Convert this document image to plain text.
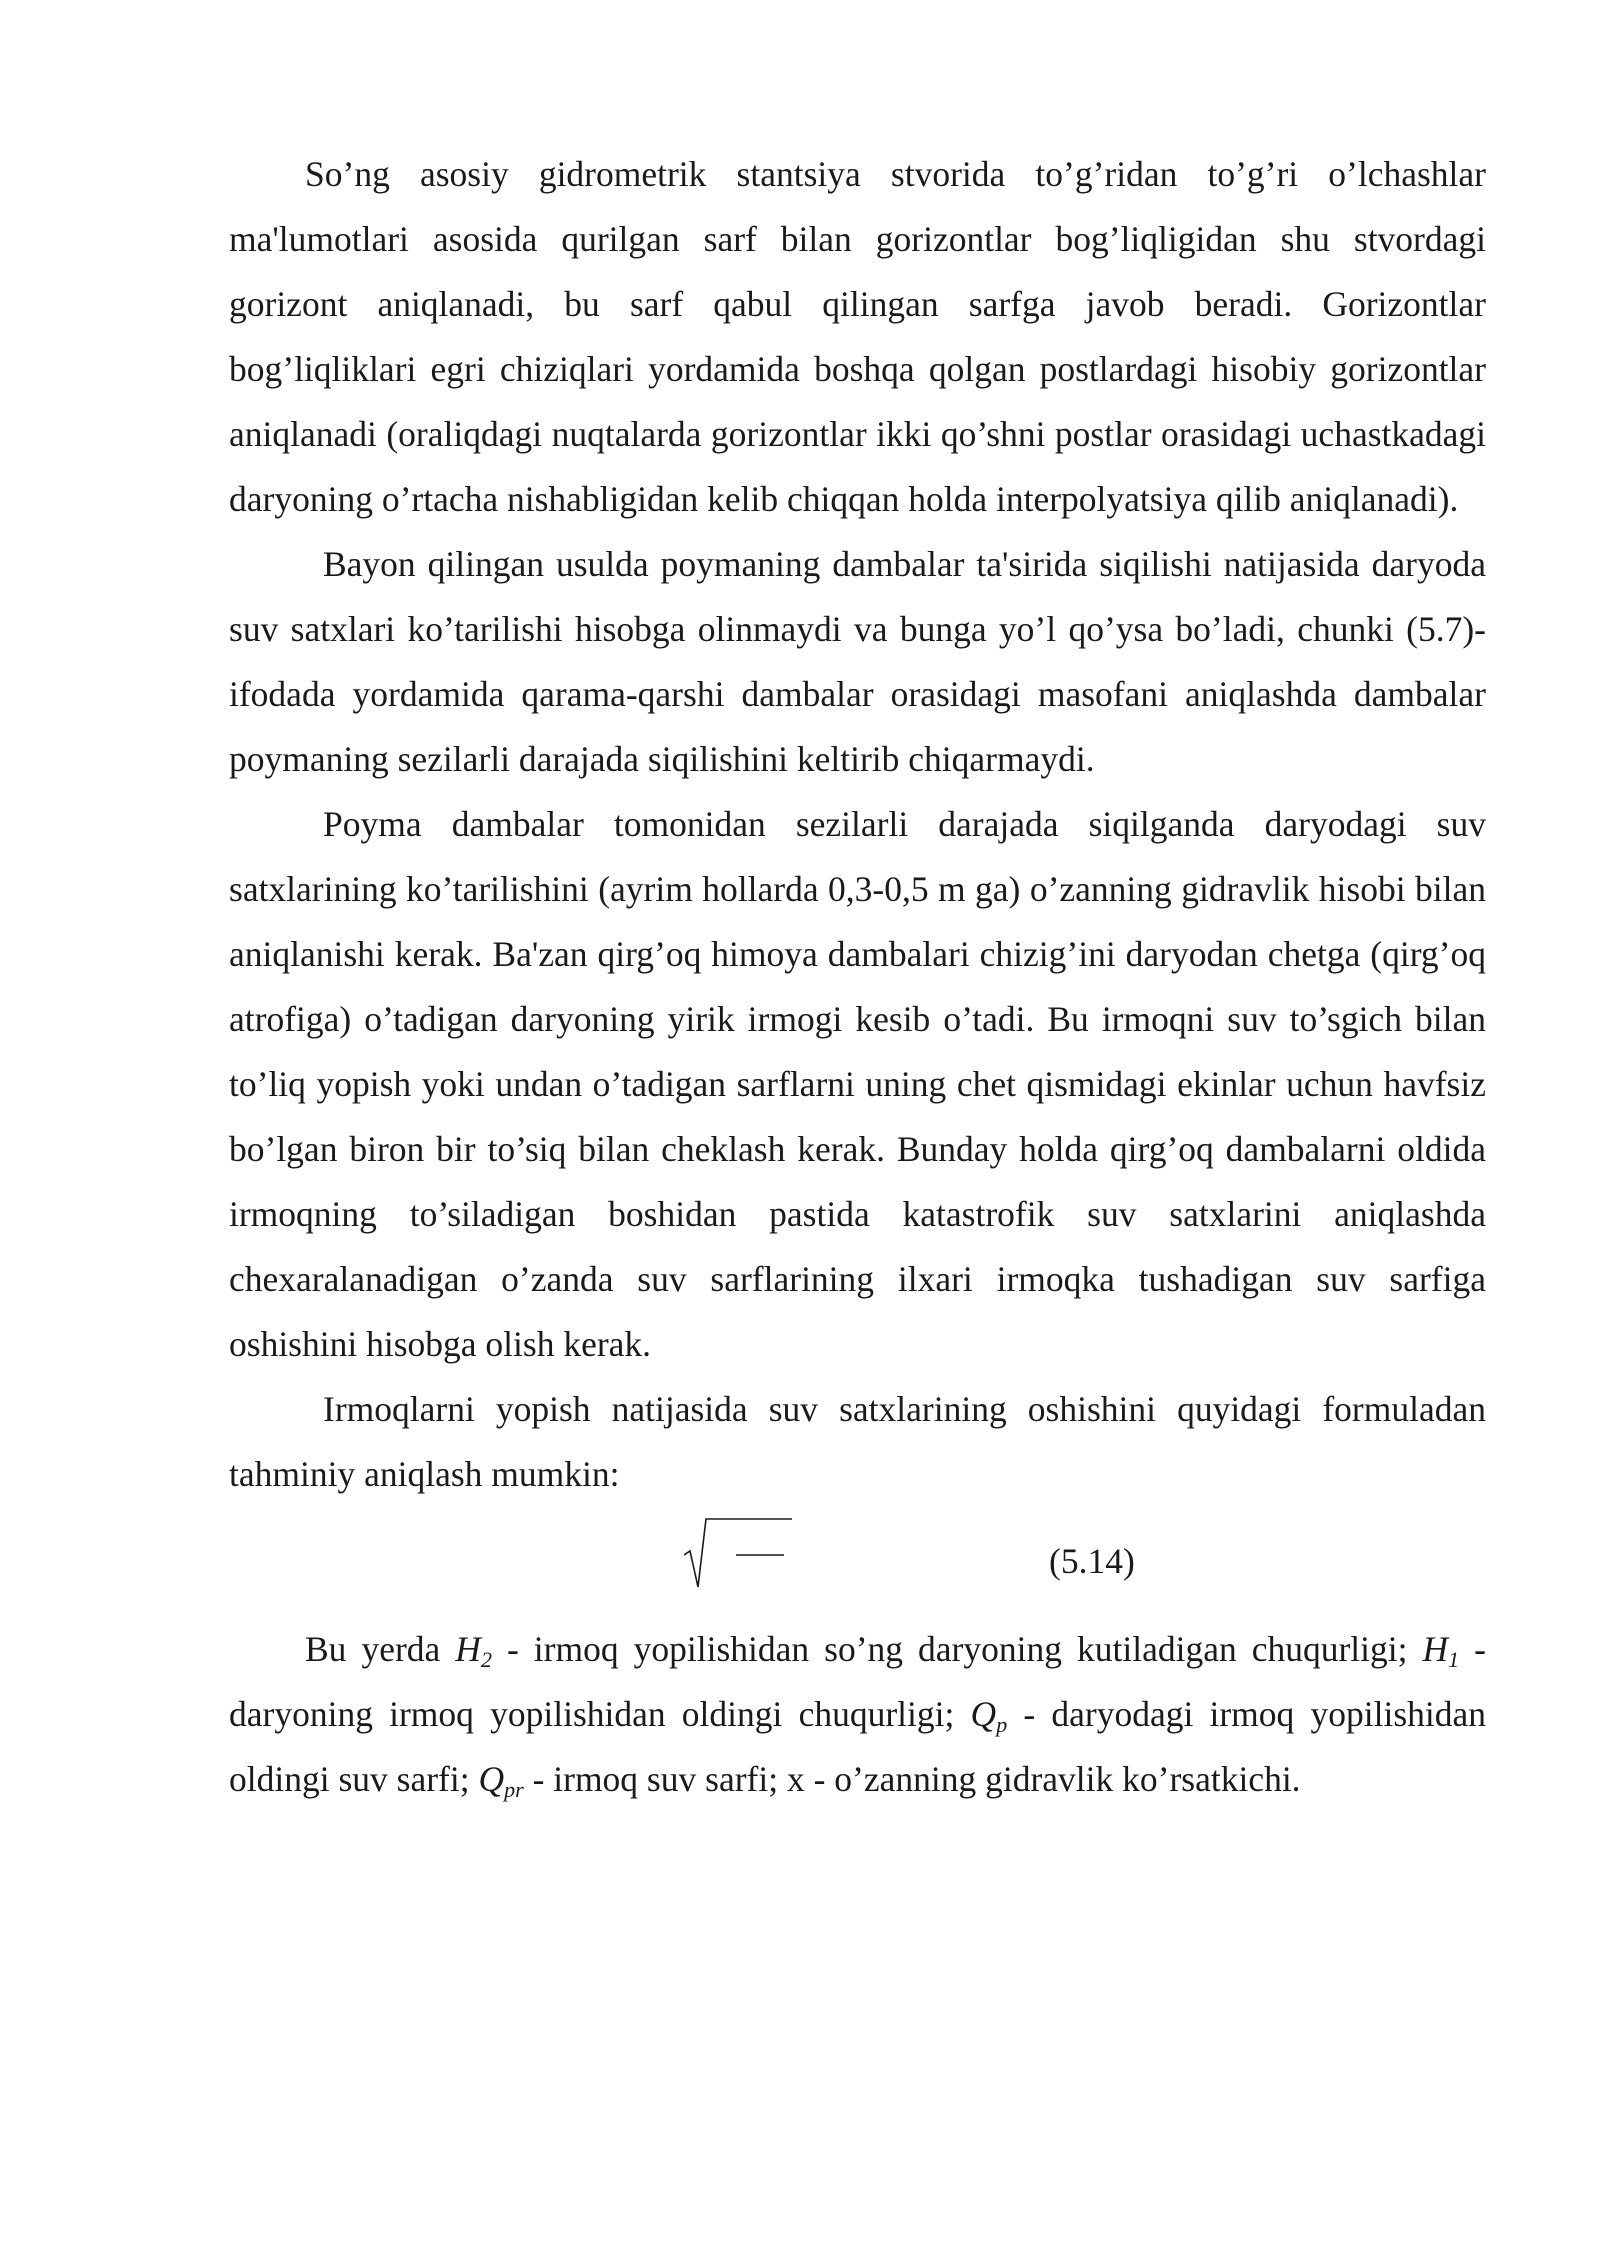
So’ng asosiy gidrometrik stantsiya stvorida to’g’ridan to’g’ri o’lchashlar ma'lumotlari asosida qurilgan sarf bilan gorizontlar bog’liqligidan shu stvordagi gorizont aniqlanadi, bu sarf qabul qilingan sarfga javob beradi. Gorizontlar bog’liqliklari egri chiziqlari yordamida boshqa qolgan postlardagi hisobiy gorizontlar aniqlanadi (oraliqdagi nuqtalarda gorizontlar ikki qo’shni postlar orasidagi uchastkadagi daryoning o’rtacha nishabligidan kelib chiqqan holda interpolyatsiya qilib aniqlanadi).

Bayon qilingan usulda poymaning dambalar ta'sirida siqilishi natijasida daryoda suv satxlari ko’tarilishi hisobga olinmaydi va bunga yo’l qo’ysa bo’ladi, chunki (5.7)-ifodada yordamida qarama-qarshi dambalar orasidagi masofani aniqlashda dambalar poymaning sezilarli darajada siqilishini keltirib chiqarmaydi.

Poyma dambalar tomonidan sezilarli darajada siqilganda daryodagi suv satxlarining ko’tarilishini (ayrim hollarda 0,3-0,5 m ga) o’zanning gidravlik hisobi bilan aniqlanishi kerak. Ba'zan qirg’oq himoya dambalari chizig’ini daryodan chetga (qirg’oq atrofiga) o’tadigan daryoning yirik irmogi kesib o’tadi. Bu irmoqni suv to’sgich bilan to’liq yopish yoki undan o’tadigan sarflarni uning chet qismidagi ekinlar uchun havfsiz bo’lgan biron bir to’siq bilan cheklash kerak. Bunday holda qirg’oq dambalarni oldida irmoqning to’siladigan boshidan pastida katastrofik suv satxlarini aniqlashda chexaralanadigan o’zanda suv sarflarining ilxari irmoqka tushadigan suv sarfiga oshishini hisobga olish kerak.

Irmoqlarni yopish natijasida suv satxlarining oshishini quyidagi formuladan tahminiy aniqlash mumkin:

(5.14)

Bu yerda $H_2$ - irmoq yopilishidan so’ng daryoning kutiladigan chuqurligi; $H_1$ - daryoning irmoq yopilishidan oldingi chuqurligi; $Q_p$ - daryodagi irmoq yopilishidan oldingi suv sarfi; $Q_{pr}$ - irmoq suv sarfi; x - o’zanning gidravlik ko’rsatkichi.
